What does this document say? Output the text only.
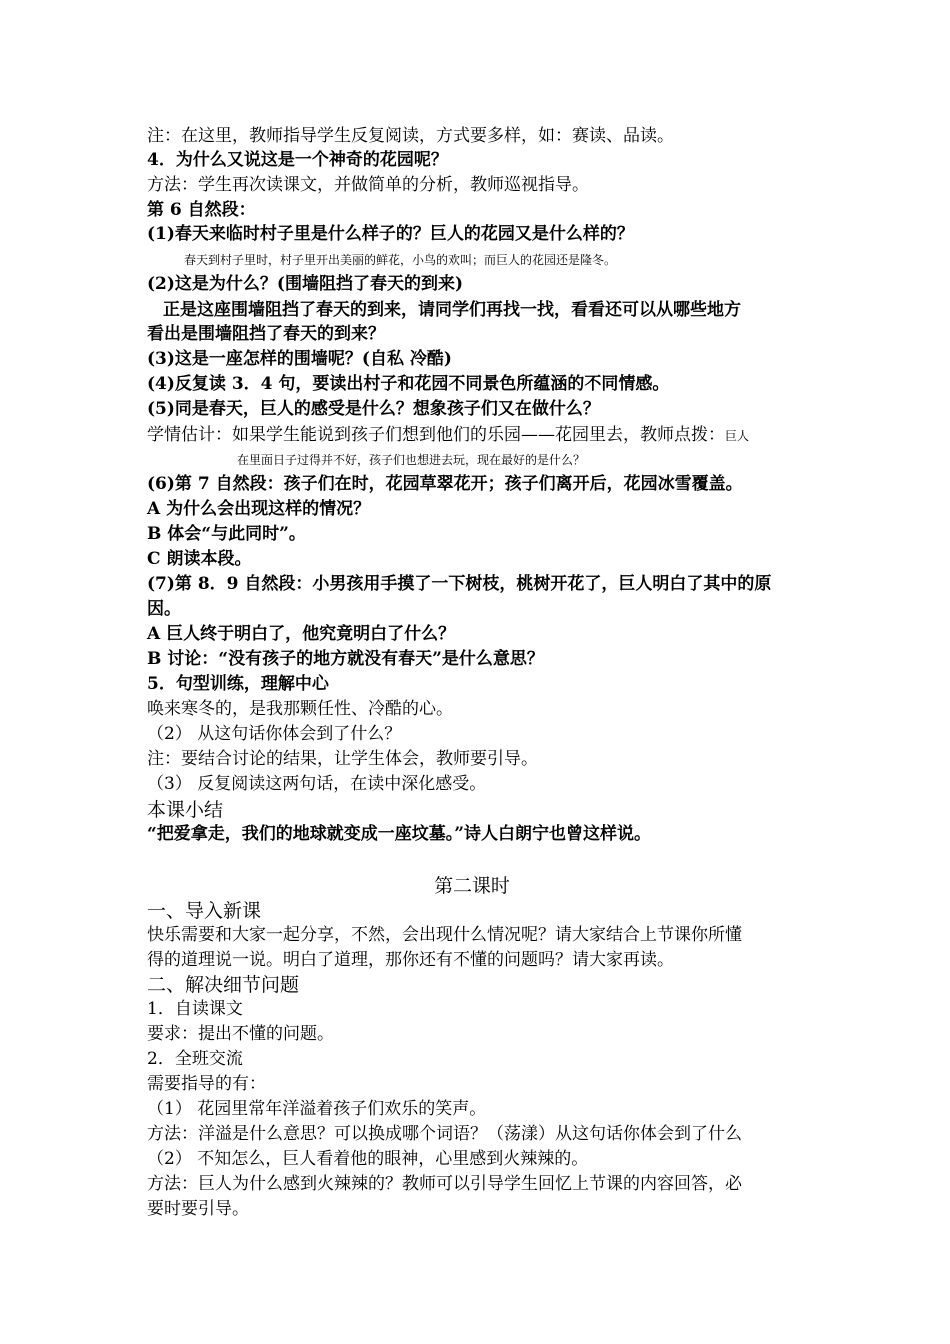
注：在这里，教师指导学生反复阅读，方式要多样，如：赛读、品读。
4．为什么又说这是一个神奇的花园呢？
方法：学生再次读课文，并做简单的分析，教师巡视指导。
第 6 自然段：
(1)春天来临时村子里是什么样子的？巨人的花园又是什么样的？
春天到村子里时，村子里开出美丽的鲜花，小鸟的欢叫；而巨人的花园还是隆冬。
(2)这是为什么？(围墙阻挡了春天的到来)
正是这座围墙阻挡了春天的到来，请同学们再找一找，看看还可以从哪些地方
看出是围墙阻挡了春天的到来？
(3)这是一座怎样的围墙呢？(自私 冷酷)
(4)反复读 3．4 句，要读出村子和花园不同景色所蕴涵的不同情感。
(5)同是春天，巨人的感受是什么？想象孩子们又在做什么？
学情估计：如果学生能说到孩子们想到他们的乐园——花园里去，教师点拨：巨人
在里面日子过得并不好，孩子们也想进去玩，现在最好的是什么？
(6)第 7 自然段：孩子们在时，花园草翠花开；孩子们离开后，花园冰雪覆盖。
A 为什么会出现这样的情况？
B 体会“与此同时”。
C 朗读本段。
(7)第 8．9 自然段：小男孩用手摸了一下树枝，桃树开花了，巨人明白了其中的原
因。
A 巨人终于明白了，他究竟明白了什么？
B 讨论：“没有孩子的地方就没有春天”是什么意思？
5．句型训练，理解中心
唤来寒冬的，是我那颗任性、冷酷的心。
（2） 从这句话你体会到了什么？
注：要结合讨论的结果，让学生体会，教师要引导。
（3） 反复阅读这两句话，在读中深化感受。
本课小结
“把爱拿走，我们的地球就变成一座坟墓。”诗人白朗宁也曾这样说。
第二课时
一、导入新课
快乐需要和大家一起分享，不然，会出现什么情况呢？请大家结合上节课你所懂
得的道理说一说。明白了道理，那你还有不懂的问题吗？请大家再读。
二、解决细节问题
1．自读课文
要求：提出不懂的问题。
2．全班交流
需要指导的有：
（1） 花园里常年洋溢着孩子们欢乐的笑声。
方法：洋溢是什么意思？可以换成哪个词语？（荡漾）从这句话你体会到了什么
（2） 不知怎么，巨人看着他的眼神，心里感到火辣辣的。
方法：巨人为什么感到火辣辣的？教师可以引导学生回忆上节课的内容回答，必
要时要引导。
